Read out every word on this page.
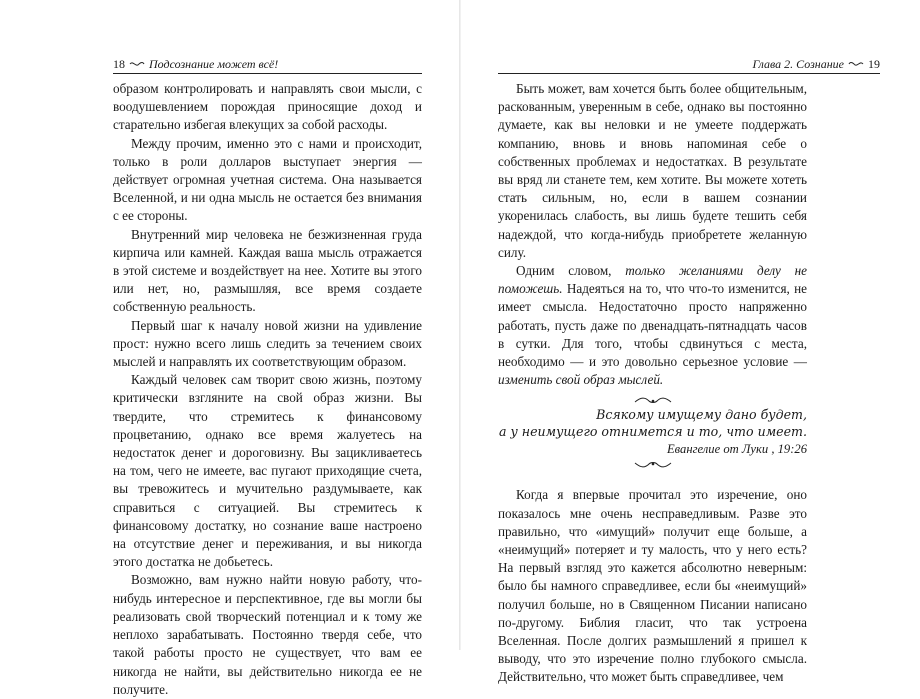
18 Подсознание может всё!

образом контролировать и направлять свои мысли, с воодушевлением порождая приносящие доход и старательно избегая влекущих за собой расходы.

Между прочим, именно это с нами и происходит, только в роли долларов выступает энергия — действует огромная учетная система. Она называется Вселенной, и ни одна мысль не остается без внимания с ее стороны.

Внутренний мир человека не безжизненная груда кирпича или камней. Каждая ваша мысль отражается в этой системе и воздействует на нее. Хотите вы этого или нет, но, размышляя, все время создаете собственную реальность.

Первый шаг к началу новой жизни на удивление прост: нужно всего лишь следить за течением своих мыслей и направлять их соответствующим образом.

Каждый человек сам творит свою жизнь, поэтому критически взгляните на свой образ жизни. Вы твердите, что стремитесь к финансовому процветанию, однако все время жалуетесь на недостаток денег и дороговизну. Вы зацикливаетесь на том, чего не имеете, вас пугают приходящие счета, вы тревожитесь и мучительно раздумываете, как справиться с ситуацией. Вы стремитесь к финансовому достатку, но сознание ваше настроено на отсутствие денег и переживания, и вы никогда этого достатка не добьетесь.

Возможно, вам нужно найти новую работу, что-нибудь интересное и перспективное, где вы могли бы реализовать свой творческий потенциал и к тому же неплохо зарабатывать. Постоянно твердя себе, что такой работы просто не существует, что вам ее никогда не найти, вы действительно никогда ее не получите.

Глава 2. Сознание 19

Быть может, вам хочется быть более общительным, раскованным, уверенным в себе, однако вы постоянно думаете, как вы неловки и не умеете поддержать компанию, вновь и вновь напоминая себе о собственных проблемах и недостатках. В результате вы вряд ли станете тем, кем хотите. Вы можете хотеть стать сильным, но, если в вашем сознании укоренилась слабость, вы лишь будете тешить себя надеждой, что когда-нибудь приобретете желанную силу.

Одним словом, только желаниями делу не поможешь. Надеяться на то, что что-то изменится, не имеет смысла. Недостаточно просто напряженно работать, пусть даже по двенадцать-пятнадцать часов в сутки. Для того, чтобы сдвинуться с места, необходимо — и это довольно серьезное условие — изменить свой образ мыслей.

Всякому имущему дано будет,
а у неимущего отнимется и то, что имеет.
Евангелие от Луки , 19:26

Когда я впервые прочитал это изречение, оно показалось мне очень несправедливым. Разве это правильно, что «имущий» получит еще больше, а «неимущий» потеряет и ту малость, что у него есть? На первый взгляд это кажется абсолютно неверным: было бы намного справедливее, если бы «неимущий» получил больше, но в Священном Писании написано по-другому. Библия гласит, что так устроена Вселенная. После долгих размышлений я пришел к выводу, что это изречение полно глубокого смысла. Действительно, что может быть справедливее, чем
